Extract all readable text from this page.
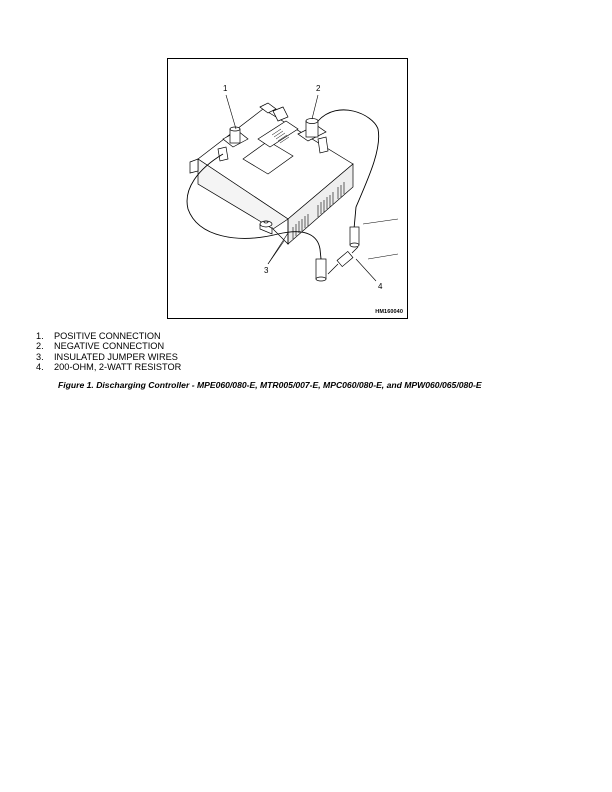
1	2
3
4
HM160040
1.	POSITIVE CONNECTION
2.	NEGATIVE CONNECTION
3.	INSULATED JUMPER WIRES
4.	200-OHM, 2-WATT RESISTOR
Figure 1. Discharging Controller - MPE060/080-E, MTR005/007-E, MPC060/080-E, and MPW060/065/080-E
